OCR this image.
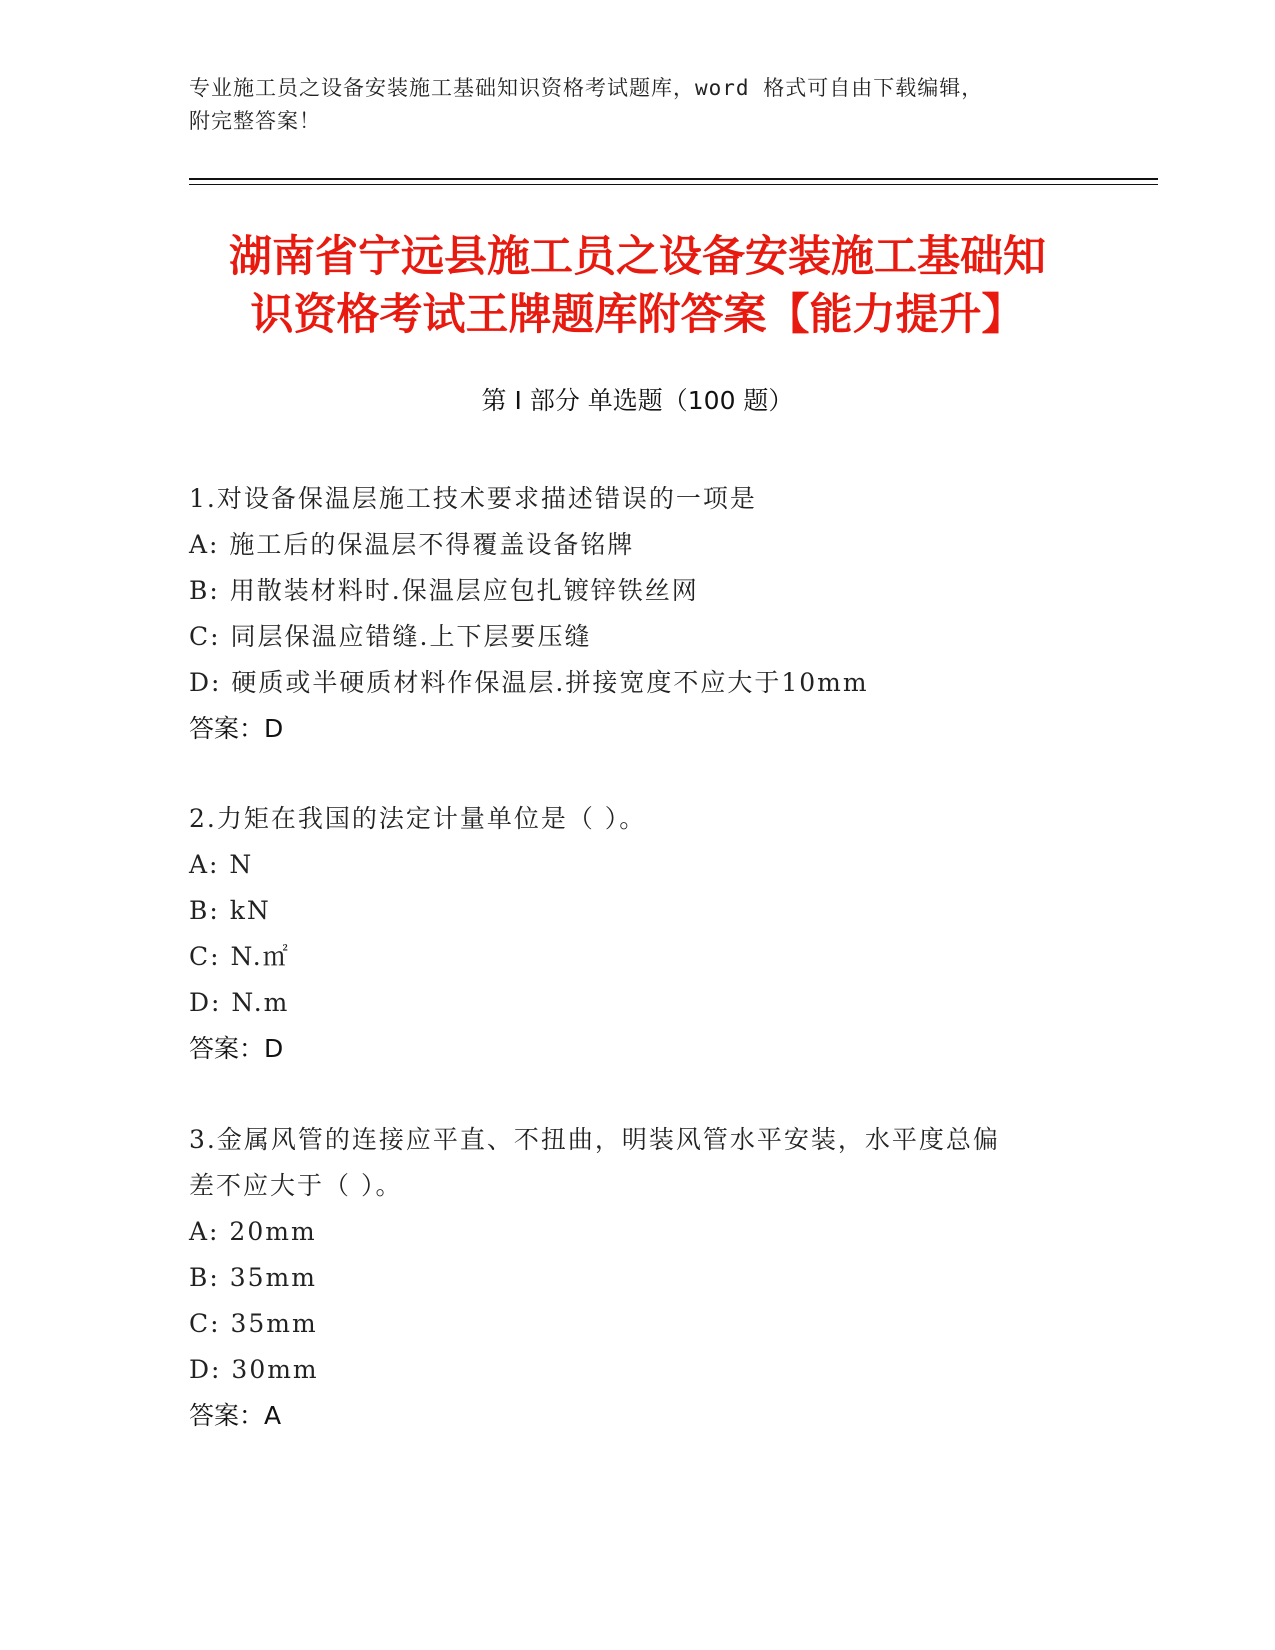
专业施工员之设备安装施工基础知识资格考试题库，word 格式可自由下载编辑，
附完整答案！
湖南省宁远县施工员之设备安装施工基础知
识资格考试王牌题库附答案【能力提升】
第 I 部分 单选题（100 题）
1.对设备保温层施工技术要求描述错误的一项是
A: 施工后的保温层不得覆盖设备铭牌
B: 用散装材料时.保温层应包扎镀锌铁丝网
C: 同层保温应错缝.上下层要压缝
D: 硬质或半硬质材料作保温层.拼接宽度不应大于10mm
答案：D
2.力矩在我国的法定计量单位是（ ）。
A: N
B: kN
C: N.㎡
D: N.m
答案：D
3.金属风管的连接应平直、不扭曲，明装风管水平安装，水平度总偏
差不应大于（ ）。
A: 20mm
B: 35mm
C: 35mm
D: 30mm
答案：A
